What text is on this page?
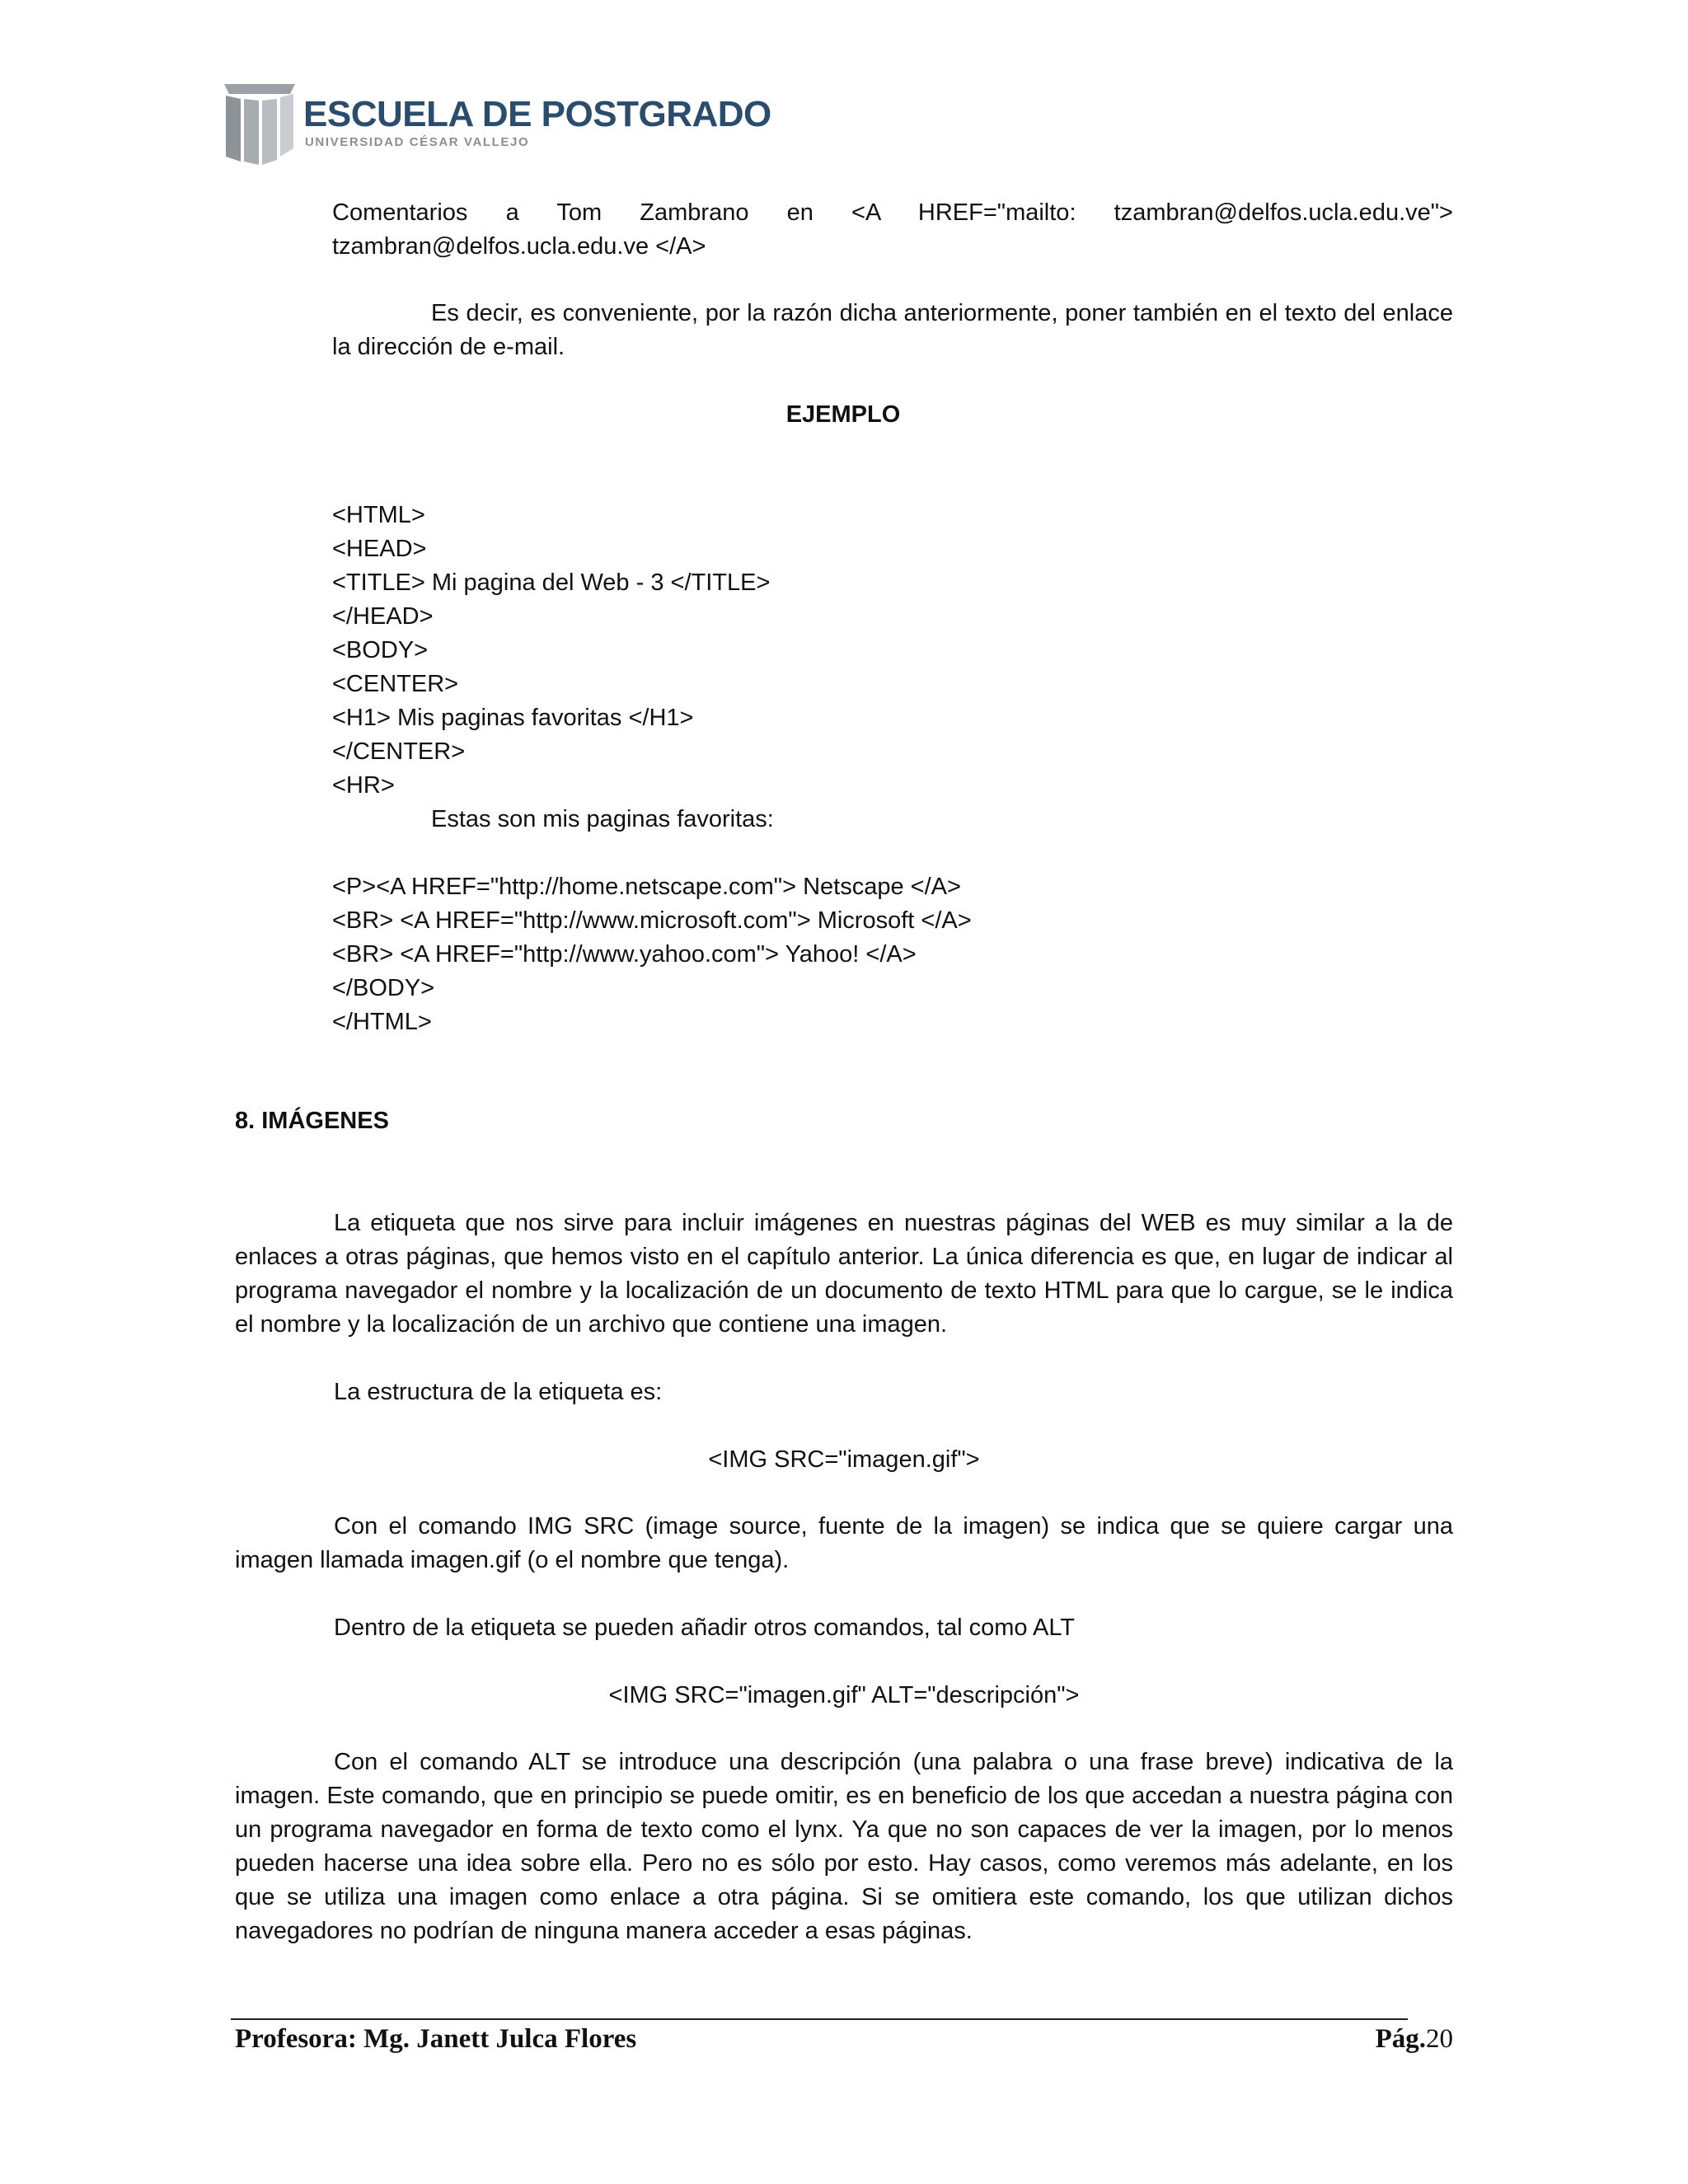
ESCUELA DE POSTGRADO
UNIVERSIDAD CÉSAR VALLEJO
Comentarios a Tom Zambrano en <A HREF="mailto: tzambran@delfos.ucla.edu.ve"> tzambran@delfos.ucla.edu.ve </A>
Es decir, es conveniente, por la razón dicha anteriormente, poner también en el texto del enlace la dirección de e-mail.
EJEMPLO
<HTML>
<HEAD>
<TITLE> Mi pagina del Web - 3 </TITLE>
</HEAD>
<BODY>
<CENTER>
<H1> Mis paginas favoritas </H1>
</CENTER>
<HR>
Estas son mis paginas favoritas:
<P><A HREF="http://home.netscape.com"> Netscape </A>
<BR> <A HREF="http://www.microsoft.com"> Microsoft </A>
<BR> <A HREF="http://www.yahoo.com"> Yahoo! </A>
</BODY>
</HTML>
8. IMÁGENES
La etiqueta que nos sirve para incluir imágenes en nuestras páginas del WEB es muy similar a la de enlaces a otras páginas, que hemos visto en el capítulo anterior. La única diferencia es que, en lugar de indicar al programa navegador el nombre y la localización de un documento de texto HTML para que lo cargue, se le indica el nombre y la localización de un archivo que contiene una imagen.
La estructura de la etiqueta es:
<IMG SRC="imagen.gif">
Con el comando IMG SRC (image source, fuente de la imagen) se indica que se quiere cargar una imagen llamada imagen.gif (o el nombre que tenga).
Dentro de la etiqueta se pueden añadir otros comandos, tal como ALT
<IMG SRC="imagen.gif" ALT="descripción">
Con el comando ALT se introduce una descripción (una palabra o una frase breve) indicativa de la imagen. Este comando, que en principio se puede omitir, es en beneficio de los que accedan a nuestra página con un programa navegador en forma de texto como el lynx. Ya que no son capaces de ver la imagen, por lo menos pueden hacerse una idea sobre ella. Pero no es sólo por esto. Hay casos, como veremos más adelante, en los que se utiliza una imagen como enlace a otra página. Si se omitiera este comando, los que utilizan dichos navegadores no podrían de ninguna manera acceder a esas páginas.
Profesora: Mg. Janett Julca Flores	Pág.20
